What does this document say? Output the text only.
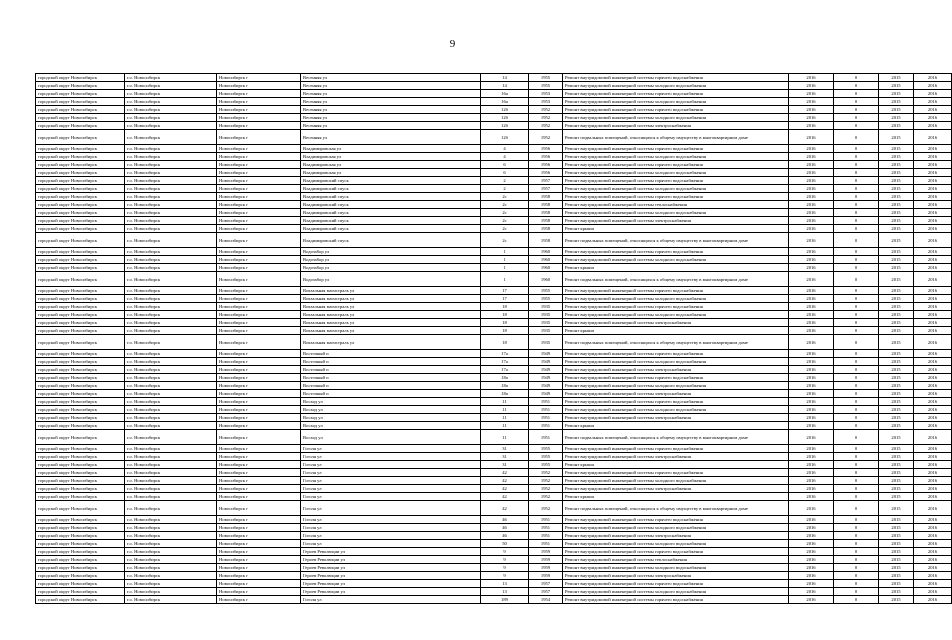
9
городской округ Новосибирск	г.о. Новосибирск	Новосибирск г	Весенняя ул	14	1955	Ремонт внутридомовой инженерной системы горячего водоснабжения	2016	0	2015	2016
городской округ Новосибирск	г.о. Новосибирск	Новосибирск г	Весенняя ул	14	1955	Ремонт внутридомовой инженерной системы холодного водоснабжения	2016	0	2015	2016
городской округ Новосибирск	г.о. Новосибирск	Новосибирск г	Весенняя ул	16а	1953	Ремонт внутридомовой инженерной системы горячего водоснабжения	2016	0	2015	2016
городской округ Новосибирск	г.о. Новосибирск	Новосибирск г	Весенняя ул	16а	1953	Ремонт внутридомовой инженерной системы холодного водоснабжения	2016	0	2015	2016
городской округ Новосибирск	г.о. Новосибирск	Новосибирск г	Весенняя ул	12б	1952	Ремонт внутридомовой инженерной системы горячего водоснабжения	2016	0	2015	2016
городской округ Новосибирск	г.о. Новосибирск	Новосибирск г	Весенняя ул	12б	1952	Ремонт внутридомовой инженерной системы холодного водоснабжения	2016	0	2015	2016
городской округ Новосибирск	г.о. Новосибирск	Новосибирск г	Весенняя ул	12б	1952	Ремонт внутридомовой инженерной системы электроснабжения	2016	0	2015	2016
городской округ Новосибирск	г.о. Новосибирск	Новосибирск г	Весенняя ул	12б	1952	Ремонт подвальных помещений, относящихся к общему имуществу в многоквартирном доме	2016	0	2015	2016
городской округ Новосибирск	г.о. Новосибирск	Новосибирск г	Владимировская ул	4	1956	Ремонт внутридомовой инженерной системы горячего водоснабжения	2016	0	2015	2016
городской округ Новосибирск	г.о. Новосибирск	Новосибирск г	Владимировская ул	4	1956	Ремонт внутридомовой инженерной системы холодного водоснабжения	2016	0	2015	2016
городской округ Новосибирск	г.о. Новосибирск	Новосибирск г	Владимировская ул	6	1956	Ремонт внутридомовой инженерной системы горячего водоснабжения	2016	0	2015	2016
городской округ Новосибирск	г.о. Новосибирск	Новосибирск г	Владимировская ул	6	1956	Ремонт внутридомовой инженерной системы холодного водоснабжения	2016	0	2015	2016
городской округ Новосибирск	г.о. Новосибирск	Новосибирск г	Владимировский спуск	2	1957	Ремонт внутридомовой инженерной системы горячего водоснабжения	2016	0	2015	2016
городской округ Новосибирск	г.о. Новосибирск	Новосибирск г	Владимировский спуск	2	1957	Ремонт внутридомовой инженерной системы холодного водоснабжения	2016	0	2015	2016
городской округ Новосибирск	г.о. Новосибирск	Новосибирск г	Владимировский спуск	2с	1958	Ремонт внутридомовой инженерной системы горячего водоснабжения	2016	0	2015	2016
городской округ Новосибирск	г.о. Новосибирск	Новосибирск г	Владимировский спуск	2с	1958	Ремонт внутридомовой инженерной системы теплоснабжения	2016	0	2015	2016
городской округ Новосибирск	г.о. Новосибирск	Новосибирск г	Владимировский спуск	2с	1958	Ремонт внутридомовой инженерной системы холодного водоснабжения	2016	0	2015	2016
городской округ Новосибирск	г.о. Новосибирск	Новосибирск г	Владимировский спуск	2с	1958	Ремонт внутридомовой инженерной системы электроснабжения	2016	0	2015	2016
городской округ Новосибирск	г.о. Новосибирск	Новосибирск г	Владимировский спуск	2с	1958	Ремонт крыши	2016	0	2015	2016
городской округ Новосибирск	г.о. Новосибирск	Новосибирск г	Владимировский спуск	2с	1958	Ремонт подвальных помещений, относящихся к общему имуществу в многоквартирном доме	2016	0	2015	2016
городской округ Новосибирск	г.о. Новосибирск	Новосибирск г	Водозабор ул	1	1960	Ремонт внутридомовой инженерной системы горячего водоснабжения	2016	0	2015	2016
городской округ Новосибирск	г.о. Новосибирск	Новосибирск г	Водозабор ул	1	1960	Ремонт внутридомовой инженерной системы холодного водоснабжения	2016	0	2015	2016
городской округ Новосибирск	г.о. Новосибирск	Новосибирск г	Водозабор ул	1	1960	Ремонт крыши	2016	0	2015	2016
городской округ Новосибирск	г.о. Новосибирск	Новосибирск г	Водозабор ул	1	1960	Ремонт подвальных помещений, относящихся к общему имуществу в многоквартирном доме	2016	0	2015	2016
городской округ Новосибирск	г.о. Новосибирск	Новосибирск г	Вокзальная магистраль ул	17	1955	Ремонт внутридомовой инженерной системы горячего водоснабжения	2016	0	2015	2016
городской округ Новосибирск	г.о. Новосибирск	Новосибирск г	Вокзальная магистраль ул	17	1955	Ремонт внутридомовой инженерной системы холодного водоснабжения	2016	0	2015	2016
городской округ Новосибирск	г.о. Новосибирск	Новосибирск г	Вокзальная магистраль ул	18	1935	Ремонт внутридомовой инженерной системы горячего водоснабжения	2016	0	2015	2016
городской округ Новосибирск	г.о. Новосибирск	Новосибирск г	Вокзальная магистраль ул	18	1935	Ремонт внутридомовой инженерной системы холодного водоснабжения	2016	0	2015	2016
городской округ Новосибирск	г.о. Новосибирск	Новосибирск г	Вокзальная магистраль ул	18	1935	Ремонт внутридомовой инженерной системы электроснабжения	2016	0	2015	2016
городской округ Новосибирск	г.о. Новосибирск	Новосибирск г	Вокзальная магистраль ул	18	1935	Ремонт крыши	2016	0	2015	2016
городской округ Новосибирск	г.о. Новосибирск	Новосибирск г	Вокзальная магистраль ул	18	1935	Ремонт подвальных помещений, относящихся к общему имуществу в многоквартирном доме	2016	0	2015	2016
городской округ Новосибирск	г.о. Новосибирск	Новосибирск г	Восточный п	17а	1949	Ремонт внутридомовой инженерной системы горячего водоснабжения	2016	0	2015	2016
городской округ Новосибирск	г.о. Новосибирск	Новосибирск г	Восточный п	17а	1949	Ремонт внутридомовой инженерной системы холодного водоснабжения	2016	0	2015	2016
городской округ Новосибирск	г.о. Новосибирск	Новосибирск г	Восточный п	17а	1949	Ремонт внутридомовой инженерной системы электроснабжения	2016	0	2015	2016
городской округ Новосибирск	г.о. Новосибирск	Новосибирск г	Восточный п	18а	1949	Ремонт внутридомовой инженерной системы горячего водоснабжения	2016	0	2015	2016
городской округ Новосибирск	г.о. Новосибирск	Новосибирск г	Восточный п	18а	1949	Ремонт внутридомовой инженерной системы холодного водоснабжения	2016	0	2015	2016
городской округ Новосибирск	г.о. Новосибирск	Новосибирск г	Восточный п	18а	1949	Ремонт внутридомовой инженерной системы электроснабжения	2016	0	2015	2016
городской округ Новосибирск	г.о. Новосибирск	Новосибирск г	Восход ул	11	1951	Ремонт внутридомовой инженерной системы горячего водоснабжения	2016	0	2015	2016
городской округ Новосибирск	г.о. Новосибирск	Новосибирск г	Восход ул	11	1951	Ремонт внутридомовой инженерной системы холодного водоснабжения	2016	0	2015	2016
городской округ Новосибирск	г.о. Новосибирск	Новосибирск г	Восход ул	11	1951	Ремонт внутридомовой инженерной системы электроснабжения	2016	0	2015	2016
городской округ Новосибирск	г.о. Новосибирск	Новосибирск г	Восход ул	11	1951	Ремонт крыши	2016	0	2015	2016
городской округ Новосибирск	г.о. Новосибирск	Новосибирск г	Восход ул	11	1951	Ремонт подвальных помещений, относящихся к общему имуществу в многоквартирном доме	2016	0	2015	2016
городской округ Новосибирск	г.о. Новосибирск	Новосибирск г	Гоголя ул	31	1955	Ремонт внутридомовой инженерной системы горячего водоснабжения	2016	0	2015	2016
городской округ Новосибирск	г.о. Новосибирск	Новосибирск г	Гоголя ул	31	1955	Ремонт внутридомовой инженерной системы электроснабжения	2016	0	2015	2016
городской округ Новосибирск	г.о. Новосибирск	Новосибирск г	Гоголя ул	31	1955	Ремонт крыши	2016	0	2015	2016
городской округ Новосибирск	г.о. Новосибирск	Новосибирск г	Гоголя ул	42	1952	Ремонт внутридомовой инженерной системы горячего водоснабжения	2016	0	2015	2016
городской округ Новосибирск	г.о. Новосибирск	Новосибирск г	Гоголя ул	42	1952	Ремонт внутридомовой инженерной системы холодного водоснабжения	2016	0	2015	2016
городской округ Новосибирск	г.о. Новосибирск	Новосибирск г	Гоголя ул	42	1952	Ремонт внутридомовой инженерной системы электроснабжения	2016	0	2015	2016
городской округ Новосибирск	г.о. Новосибирск	Новосибирск г	Гоголя ул	42	1952	Ремонт крыши	2016	0	2015	2016
городской округ Новосибирск	г.о. Новосибирск	Новосибирск г	Гоголя ул	42	1952	Ремонт подвальных помещений, относящихся к общему имуществу в многоквартирном доме	2016	0	2015	2016
городской округ Новосибирск	г.о. Новосибирск	Новосибирск г	Гоголя ул	46	1951	Ремонт внутридомовой инженерной системы горячего водоснабжения	2016	0	2015	2016
городской округ Новосибирск	г.о. Новосибирск	Новосибирск г	Гоголя ул	46	1951	Ремонт внутридомовой инженерной системы холодного водоснабжения	2016	0	2015	2016
городской округ Новосибирск	г.о. Новосибирск	Новосибирск г	Гоголя ул	46	1951	Ремонт внутридомовой инженерной системы электроснабжения	2016	0	2015	2016
городской округ Новосибирск	г.о. Новосибирск	Новосибирск г	Гоголя ул	50	1951	Ремонт внутридомовой инженерной системы холодного водоснабжения	2016	0	2015	2016
городской округ Новосибирск	г.о. Новосибирск	Новосибирск г	Героев Революции ул	9	1959	Ремонт внутридомовой инженерной системы горячего водоснабжения	2016	0	2015	2016
городской округ Новосибирск	г.о. Новосибирск	Новосибирск г	Героев Революции ул	9	1959	Ремонт внутридомовой инженерной системы теплоснабжения	2016	0	2015	2016
городской округ Новосибирск	г.о. Новосибирск	Новосибирск г	Героев Революции ул	9	1959	Ремонт внутридомовой инженерной системы холодного водоснабжения	2016	0	2015	2016
городской округ Новосибирск	г.о. Новосибирск	Новосибирск г	Героев Революции ул	9	1959	Ремонт внутридомовой инженерной системы электроснабжения	2016	0	2015	2016
городской округ Новосибирск	г.о. Новосибирск	Новосибирск г	Героев Революции ул	13	1957	Ремонт внутридомовой инженерной системы горячего водоснабжения	2016	0	2015	2016
городской округ Новосибирск	г.о. Новосибирск	Новосибирск г	Героев Революции ул	13	1957	Ремонт внутридомовой инженерной системы холодного водоснабжения	2016	0	2015	2016
городской округ Новосибирск	г.о. Новосибирск	Новосибирск г	Гоголя ул	189	1954	Ремонт внутридомовой инженерной системы горячего водоснабжения	2016	0	2015	2016
